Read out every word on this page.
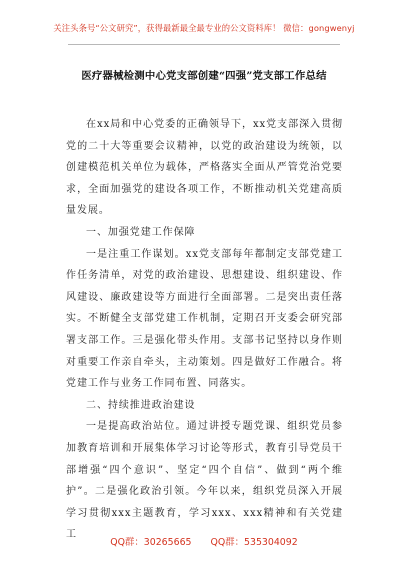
关注头条号“公文研究”，获得最新最全最专业的公文资料库！ 微信：gongwenyj
医疗器械检测中心党支部创建“四强”党支部工作总结

在xx局和中心党委的正确领导下，xx党支部深入贯彻党的二十大等重要会议精神，以党的政治建设为统领，以创建模范机关单位为载体，严格落实全面从严管党治党要求，全面加强党的建设各项工作，不断推动机关党建高质量发展。

一、加强党建工作保障

一是注重工作谋划。xx党支部每年都制定支部党建工作任务清单，对党的政治建设、思想建设、组织建设、作风建设、廉政建设等方面进行全面部署。二是突出责任落实。不断健全支部党建工作机制，定期召开支委会研究部署支部工作。三是强化带头作用。支部书记坚持以身作则对重要工作亲自牵头，主动策划。四是做好工作融合。将党建工作与业务工作同布置、同落实。

二、持续推进政治建设

一是提高政治站位。通过讲授专题党课、组织党员参加教育培训和开展集体学习讨论等形式，教育引导党员干部增强“四个意识”、坚定“四个自信”、做到“两个维护”。二是强化政治引领。今年以来，组织党员深入开展学习贯彻xxx主题教育，学习xxx、xxx精神和有关党建工

QQ群：30265665 QQ群：535304092
